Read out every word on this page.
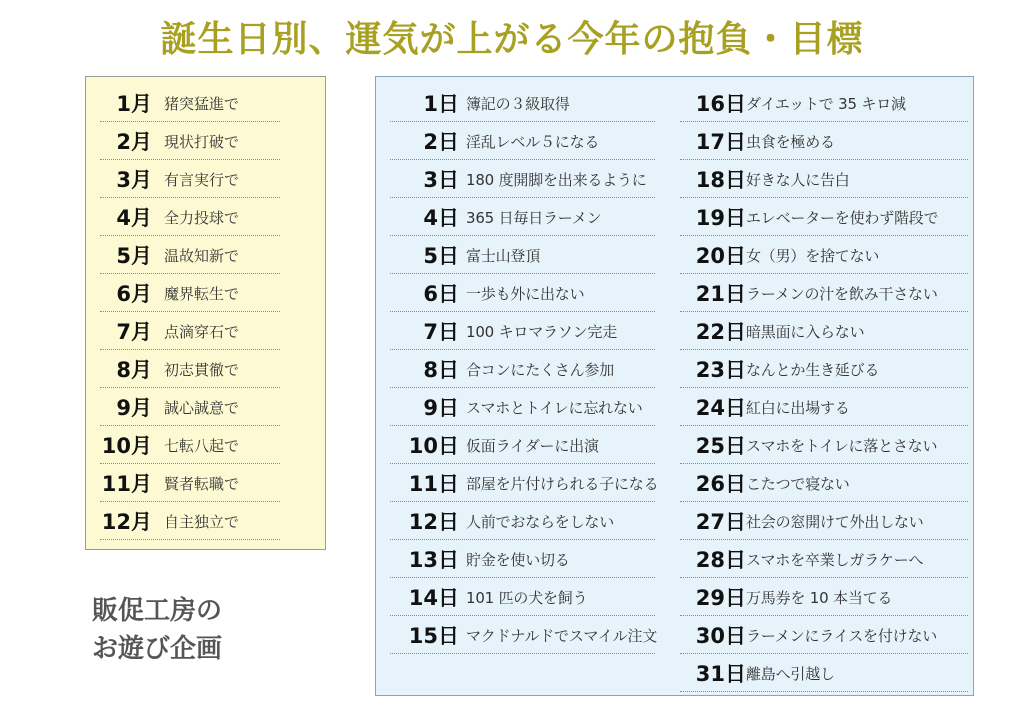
誕生日別、運気が上がる今年の抱負・目標
1月 猪突猛進で
2月 現状打破で
3月 有言実行で
4月 全力投球で
5月 温故知新で
6月 魔界転生で
7月 点滴穿石で
8月 初志貫徹で
9月 誠心誠意で
10月 七転八起で
11月 賢者転職で
12月 自主独立で
1日 簿記の３級取得
2日 淫乱レベル５になる
3日 180 度開脚を出来るように
4日 365 日毎日ラーメン
5日 富士山登頂
6日 一歩も外に出ない
7日 100 キロマラソン完走
8日 合コンにたくさん参加
9日 スマホとトイレに忘れない
10日 仮面ライダーに出演
11日 部屋を片付けられる子になる
12日 人前でおならをしない
13日 貯金を使い切る
14日 101 匹の犬を飼う
15日 マクドナルドでスマイル注文
16日 ダイエットで 35 キロ減
17日 虫食を極める
18日 好きな人に告白
19日 エレベーターを使わず階段で
20日 女（男）を捨てない
21日 ラーメンの汁を飲み干さない
22日 暗黒面に入らない
23日 なんとか生き延びる
24日 紅白に出場する
25日 スマホをトイレに落とさない
26日 こたつで寝ない
27日 社会の窓開けて外出しない
28日 スマホを卒業しガラケーへ
29日 万馬券を 10 本当てる
30日 ラーメンにライスを付けない
31日 離島へ引越し
販促工房の
お遊び企画
